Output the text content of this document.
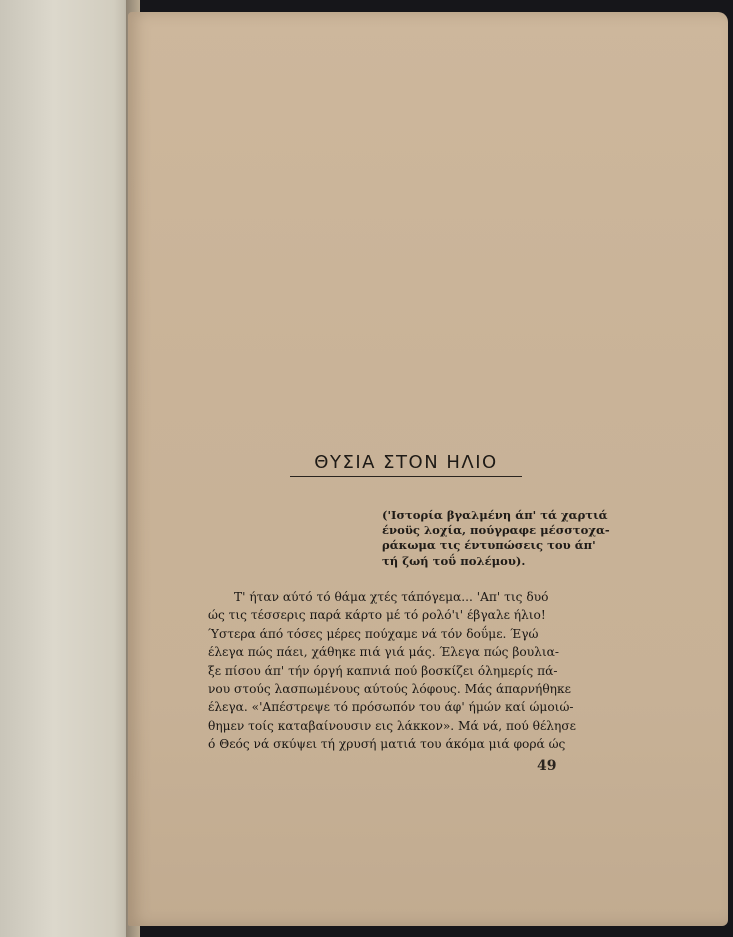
ΘΥΣΙΑ ΣΤΟΝ ΗΛΙΟ
('Ιστορία βγαλμένη άπ' τά χαρτιά
ένοϋς λοχία, πούγραφε μέσστοχα-
ράκωμα τις έντυπώσεις του άπ'
τή ζωή τοΰ πολέμου).
Τ' ήταν αύτό τό θάμα χτές τάπόγεμα... 'Απ' τις δυό
ώς τις τέσσερις παρά κάρτο μέ τό ρολό'ι' έβγαλε ήλιο!
Ύστερα άπό τόσες μέρες πούχαμε νά τόν δοΰμε. Έγώ
έλεγα πώς πάει, χάθηκε πιά γιά μάς. Έλεγα πώς βουλια-
ξε πίσου άπ' τήν όργή καπνιά πού βοσκίζει όλημερίς πά-
νου στούς λασπωμένους αύτούς λόφους. Μάς άπαρνήθηκε
έλεγα. «'Απέστρεψε τό πρόσωπόν του άφ' ήμών καί ώμοιώ-
θημεν τοίς καταβαίνουσιν εις λάκκον». Μά νά, πού θέλησε
ό Θεός νά σκύψει τή χρυσή ματιά του άκόμα μιά φορά ώς
49
